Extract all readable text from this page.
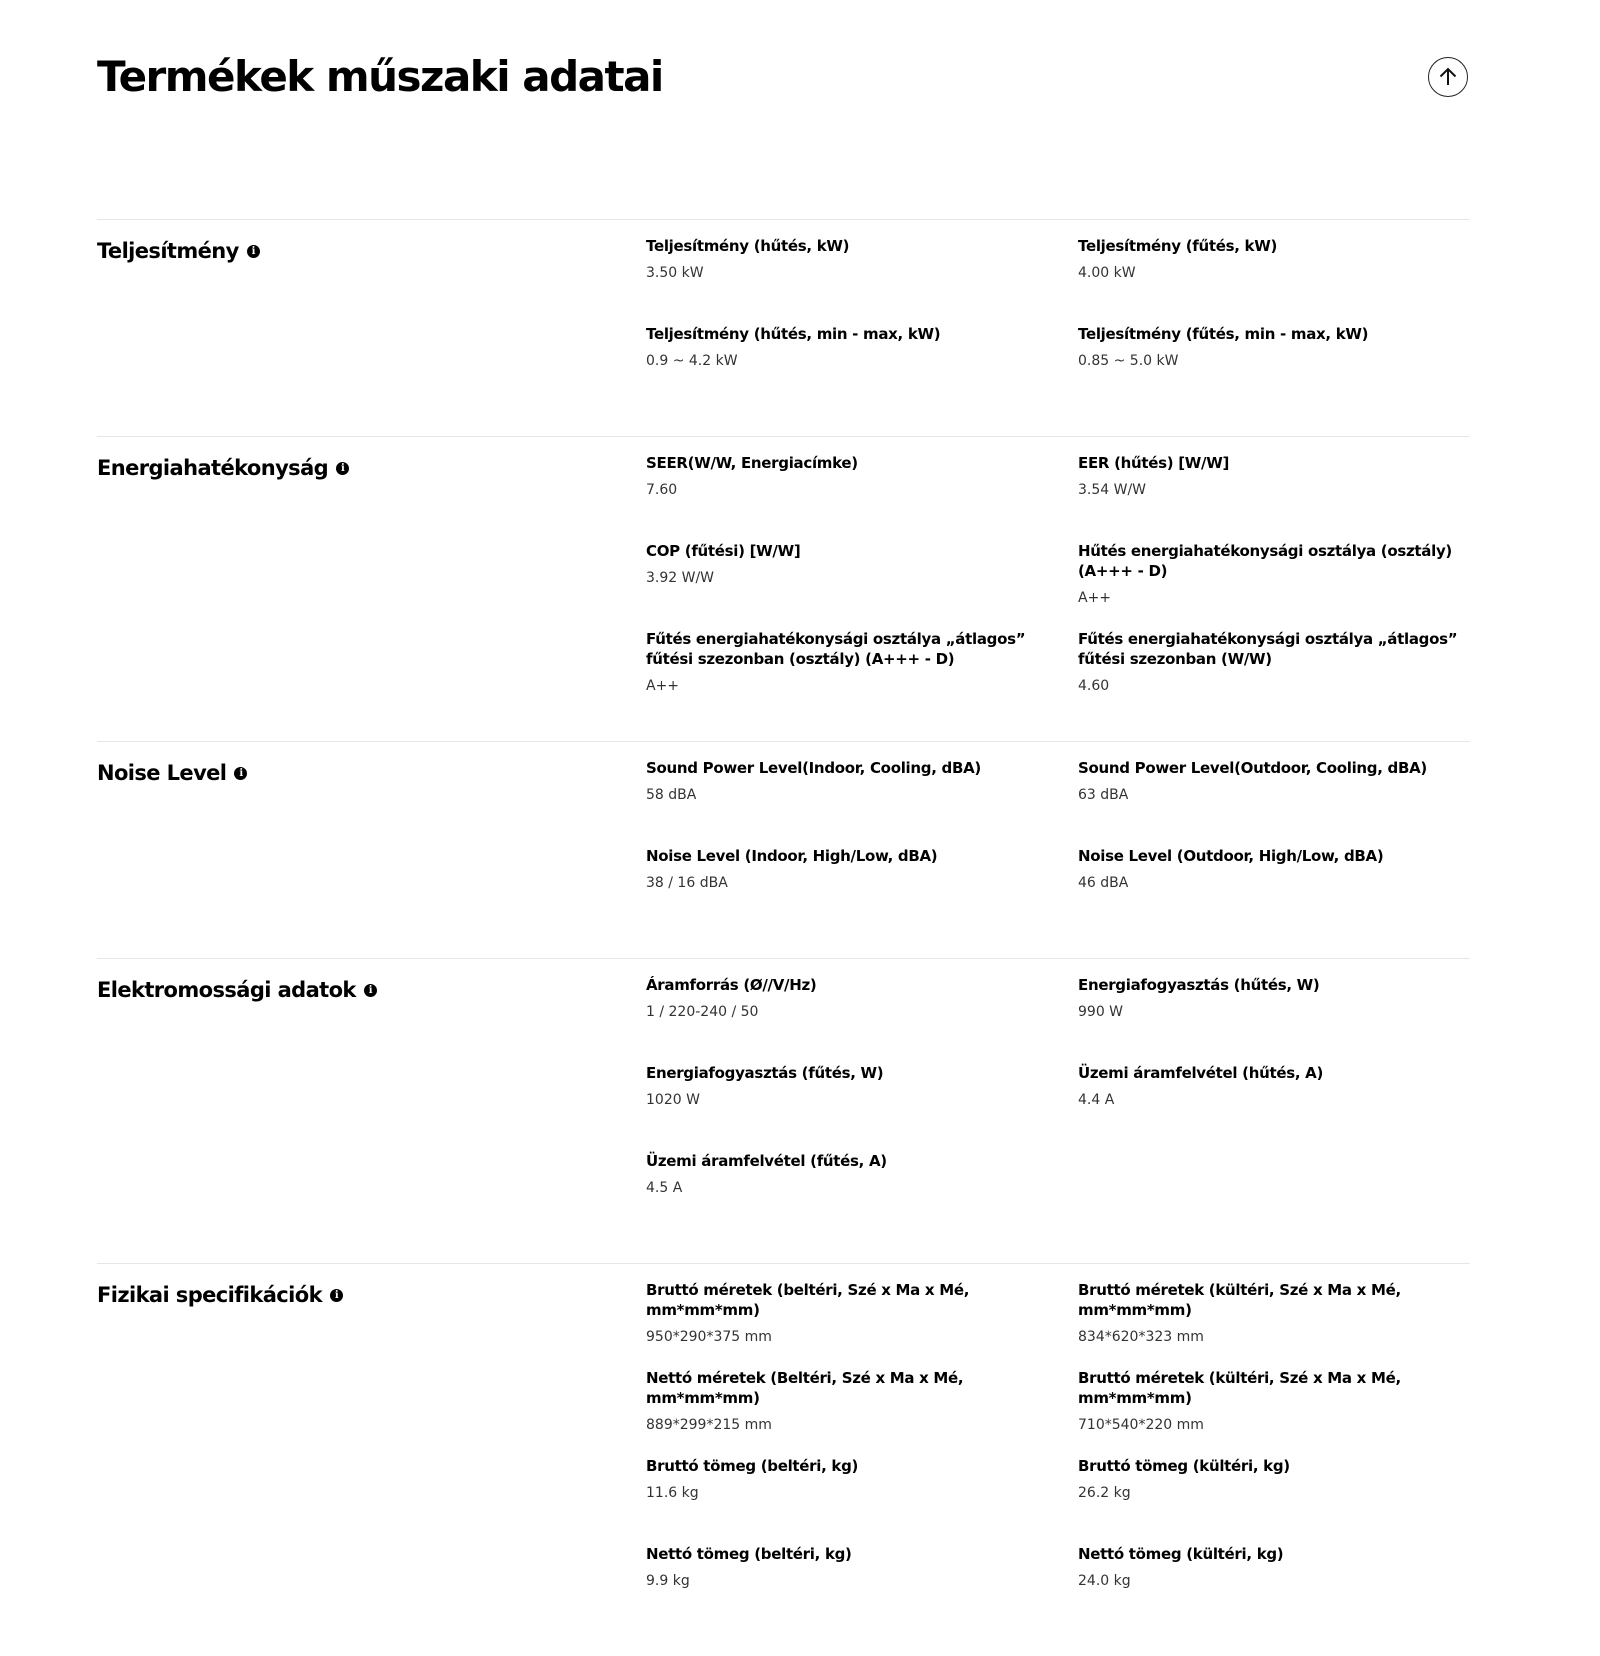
Termékek műszaki adatai
Teljesítmény	i	Teljesítmény (hűtés, kW)
3.50 kW
Teljesítmény (fűtés, kW)
4.00 kW
Teljesítmény (hűtés, min - max, kW)
0.9 ~ 4.2 kW
Teljesítmény (fűtés, min - max, kW)
0.85 ~ 5.0 kW
Energiahatékonyság	i	SEER(W/W, Energiacímke)
7.60
EER (hűtés) [W/W]
3.54 W/W
COP (fűtési) [W/W]
3.92 W/W
Hűtés energiahatékonysági osztálya (osztály) (A+++ - D)
A++
Fűtés energiahatékonysági osztálya „átlagos” fűtési szezonban (osztály) (A+++ - D)
A++
Fűtés energiahatékonysági osztálya „átlagos” fűtési szezonban (W/W)
4.60
Noise Level	i	Sound Power Level(Indoor, Cooling, dBA)
58 dBA
Sound Power Level(Outdoor, Cooling, dBA)
63 dBA
Noise Level (Indoor, High/Low, dBA)
38 / 16 dBA
Noise Level (Outdoor, High/Low, dBA)
46 dBA
Elektromossági adatok	i	Áramforrás (Ø//V/Hz)
1 / 220-240 / 50
Energiafogyasztás (hűtés, W)
990 W
Energiafogyasztás (fűtés, W)
1020 W
Üzemi áramfelvétel (hűtés, A)
4.4 A
Üzemi áramfelvétel (fűtés, A)
4.5 A
Fizikai specifikációk	i	Bruttó méretek (beltéri, Szé x Ma x Mé, mm*mm*mm)
950*290*375 mm
Bruttó méretek (kültéri, Szé x Ma x Mé, mm*mm*mm)
834*620*323 mm
Nettó méretek (Beltéri, Szé x Ma x Mé, mm*mm*mm)
889*299*215 mm
Bruttó méretek (kültéri, Szé x Ma x Mé, mm*mm*mm)
710*540*220 mm
Bruttó tömeg (beltéri, kg)
11.6 kg
Bruttó tömeg (kültéri, kg)
26.2 kg
Nettó tömeg (beltéri, kg)
9.9 kg
Nettó tömeg (kültéri, kg)
24.0 kg
